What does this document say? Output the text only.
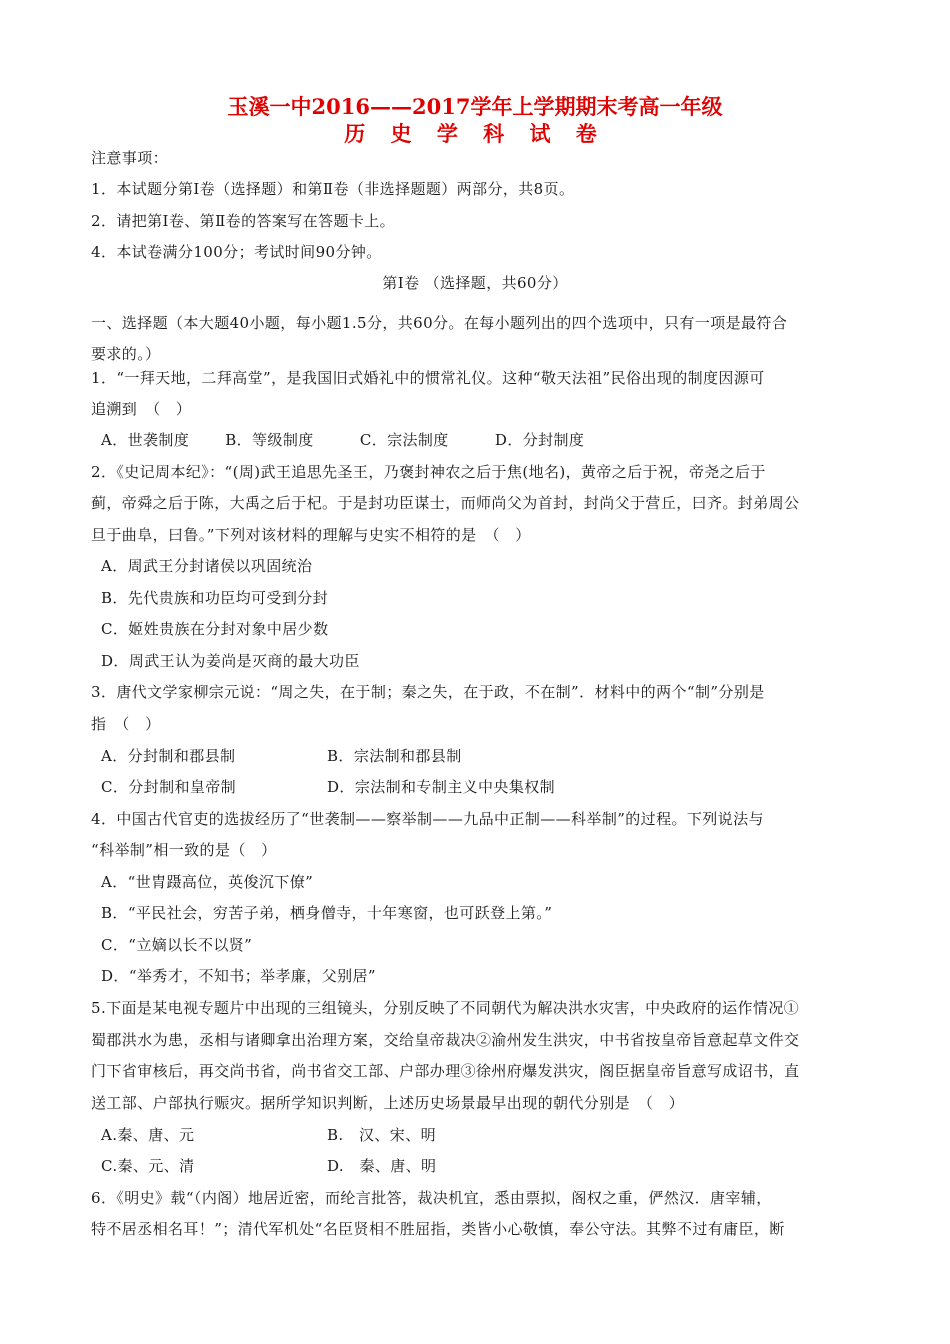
玉溪一中2016——2017学年上学期期末考高一年级
历 史 学 科 试 卷
注意事项：
1．本试题分第Ⅰ卷（选择题）和第Ⅱ卷（非选择题题）两部分，共8页。
2．请把第Ⅰ卷、第Ⅱ卷的答案写在答题卡上。
4．本试卷满分100分；考试时间90分钟。
第Ⅰ卷 （选择题，共60分）
一、选择题（本大题40小题，每小题1.5分，共60分。在每小题列出的四个选项中，只有一项是最符合
要求的。）
1．“一拜天地，二拜高堂”，是我国旧式婚礼中的惯常礼仪。这种“敬天法祖”民俗出现的制度因源可
追溯到　（　）
A．世袭制度　　 B．等级制度　　　C．宗法制度　　　D．分封制度
2．《史记周本纪》：“(周)武王追思先圣王，乃褒封神农之后于焦(地名)，黄帝之后于祝，帝尧之后于
蓟，帝舜之后于陈，大禹之后于杞。于是封功臣谋士，而师尚父为首封，封尚父于营丘，曰齐。封弟周公
旦于曲阜，曰鲁。”下列对该材料的理解与史实不相符的是　（　）
A．周武王分封诸侯以巩固统治
B．先代贵族和功臣均可受到分封
C．姬姓贵族在分封对象中居少数
D．周武王认为姜尚是灭商的最大功臣
3．唐代文学家柳宗元说：“周之失，在于制；秦之失，在于政，不在制”．材料中的两个“制”分别是
指　（　）
A．分封制和郡县制	B．宗法制和郡县制
C．分封制和皇帝制	D．宗法制和专制主义中央集权制
4．中国古代官吏的选拔经历了“世袭制——察举制——九品中正制——科举制”的过程。下列说法与
“科举制”相一致的是（　）
A．“世胄蹑高位，英俊沉下僚”
B．“平民社会，穷苦子弟，栖身僧寺，十年寒窗，也可跃登上第。”
C．“立嫡以长不以贤”
D．“举秀才，不知书；举孝廉，父别居”
5.下面是某电视专题片中出现的三组镜头，分别反映了不同朝代为解决洪水灾害，中央政府的运作情况①
蜀郡洪水为患，丞相与诸卿拿出治理方案，交给皇帝裁决②渝州发生洪灾，中书省按皇帝旨意起草文件交
门下省审核后，再交尚书省，尚书省交工部、户部办理③徐州府爆发洪灾，阁臣据皇帝旨意写成诏书，直
送工部、户部执行赈灾。据所学知识判断，上述历史场景最早出现的朝代分别是　（　）
A.秦、唐、元	B.　汉、宋、明
C.秦、元、清	D.　秦、唐、明
6．《明史》载“（内阁）地居近密，而纶言批答，裁决机宜，悉由票拟，阁权之重，俨然汉．唐宰辅，
特不居丞相名耳！”；清代军机处“名臣贤相不胜屈指，类皆小心敬慎，奉公守法。其弊不过有庸臣，断
